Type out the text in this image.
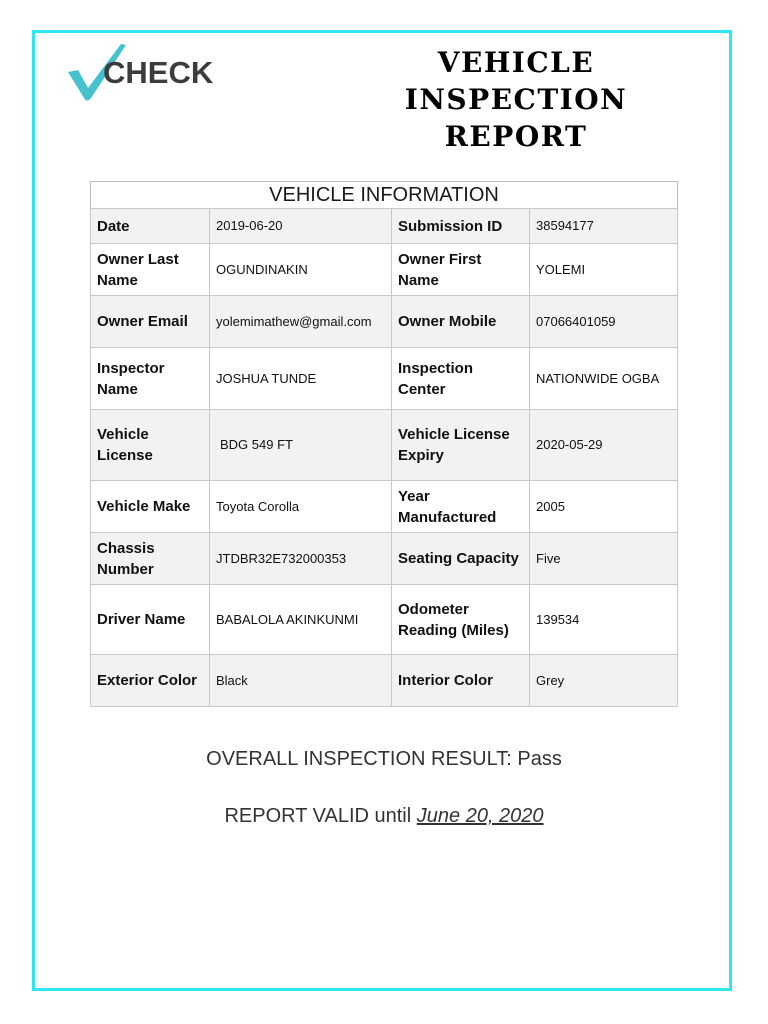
CHECK	VEHICLE
INSPECTION
REPORT
VEHICLE INFORMATION
Date	2019-06-20	Submission ID	38594177
Owner Last Name	OGUNDINAKIN	Owner First Name	YOLEMI
Owner Email	yolemimathew@gmail.com	Owner Mobile	07066401059
Inspector Name	JOSHUA TUNDE	Inspection Center	NATIONWIDE OGBA
Vehicle License	BDG 549 FT	Vehicle License Expiry	2020-05-29
Vehicle Make	Toyota Corolla	Year Manufactured	2005
Chassis Number	JTDBR32E732000353	Seating Capacity	Five
Driver Name	BABALOLA AKINKUNMI	Odometer Reading (Miles)	139534
Exterior Color	Black	Interior Color	Grey
OVERALL INSPECTION RESULT: Pass
REPORT VALID until June 20, 2020
